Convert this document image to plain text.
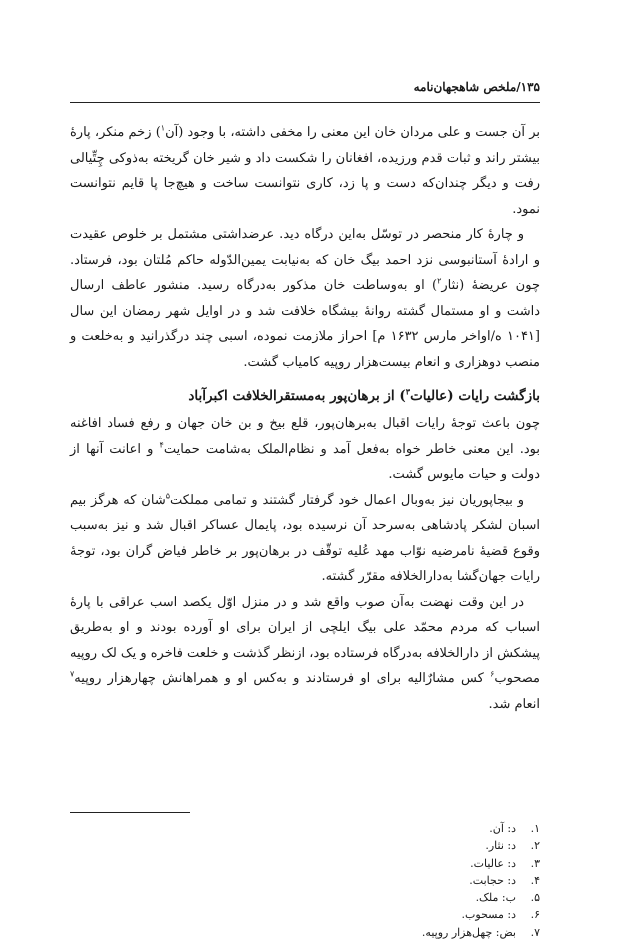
۱۳۵/ملخص شاهجهان‌نامه

بر آن جست و علی مردان خان این معنی را مخفی داشته، با وجود (آن$^۱$) زخم منکر، پارهٔ بیشتر راند و ثبات قدم ورزیده، افغانان را شکست داد و شیر خان گریخته به‌ذوکی چِتِّیالی رفت و دیگر چندان‌که دست و پا زد، کاری نتوانست ساخت و هیچ‌جا پا قایم نتوانست نمود.

و چارهٔ کار منحصر در توسّل به‌این درگاه دید. عرضداشتی مشتمل بر خلوص عقیدت و ارادهٔ آستانبوسی نزد احمد بیگ خان که به‌نیابت یمین‌الدّوله حاکم مُلتان بود، فرستاد. چون عریضهٔ (نثار$^۲$) او به‌وساطت خان مذکور به‌درگاه رسید. منشور عاطف ارسال داشت و او مستمال گشته روانهٔ بیشگاه خلافت شد و در اوایل شهر رمضان این سال [۱۰۴۱ ه/اواخر مارس ۱۶۳۲ م] احراز ملازمت نموده، اسبی چند درگذرانید و به‌خلعت و منصب دوهزاری و انعام بیست‌هزار روپیه کامیاب گشت.

بازگشت رایات (عالیات$^۳$) از برهان‌پور به‌مستقرالخلافت اکبرآباد

چون باعث توجهٔ رایات اقبال به‌برهان‌پور، قلع بیخ و بن خان جهان و رفع فساد افاغنه بود. این معنی خاطر خواه به‌فعل آمد و نظام‌الملک به‌شامت حمایت$^۴$ و اعانت آنها از دولت و حیات مایوس گشت.

و بیجاپوریان نیز به‌وبال اعمال خود گرفتار گشتند و تمامی مملکت$^۵$شان که هرگز بیم اسبان لشکر پادشاهی به‌سرحد آن نرسیده بود، پایمال عساکر اقبال شد و نیز به‌سبب وقوع قضیهٔ نامرضیه نوّاب مهد عُلیه توقّف در برهان‌پور بر خاطر فیاض گران بود، توجهٔ رایات جهان‌گشا به‌دارالخلافه مقرّر گشته.

در این وقت نهضت به‌آن صوب واقع شد و در منزل اوّل یکصد اسب عراقی با پارهٔ اسباب که مردم محمّد علی بیگ ایلچی از ایران برای او آورده بودند و او به‌طریق پیشکش از دارالخلافه به‌درگاه فرستاده بود، ازنظر گذشت و خلعت فاخره و یک لک روپیه مصحوب$^۶$ کس مشارٌالیه برای او فرستادند و به‌کس او و همراهانش چهارهزار روپیه$^۷$ انعام شد.

۱.
د: آن.
۲.
د: نثار.
۳.
د: عالیات.
۴.
د: حجابت.
۵.
ب: ملک.
۶.
د: مسحوب.
۷.
بض: چهل‌هزار روپیه.
